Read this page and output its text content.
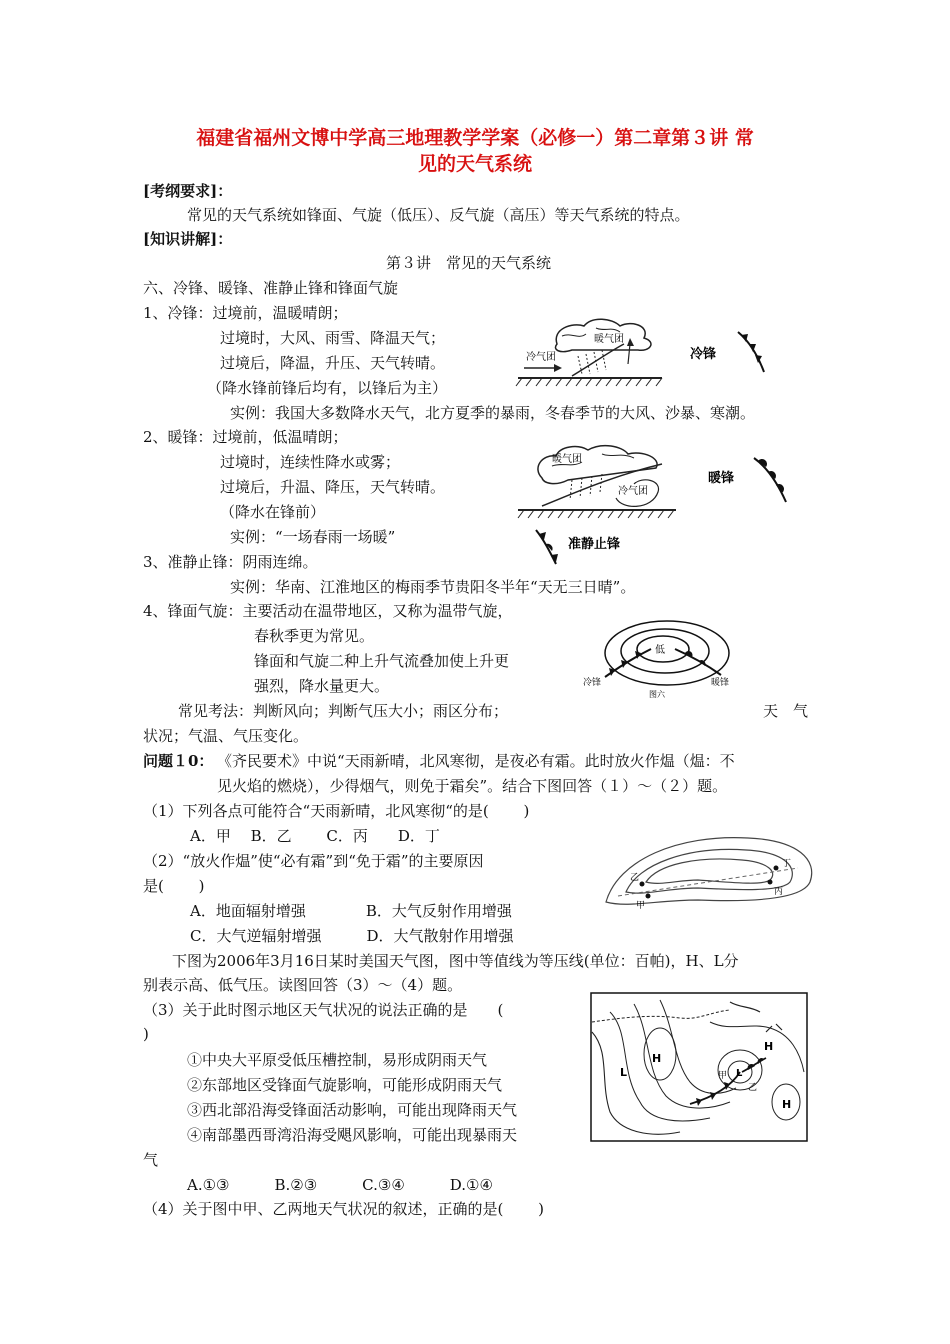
福建省福州文博中学高三地理教学学案（必修一）第二章第３讲 常
见的天气系统
[考纲要求]：
常见的天气系统如锋面、气旋（低压）、反气旋（高压）等天气系统的特点。
[知识讲解]：
第３讲　常见的天气系统
六、冷锋、暖锋、准静止锋和锋面气旋
1、冷锋：过境前，温暖晴朗；
过境时，大风、雨雪、降温天气；
过境后，降温，升压、天气转晴。
（降水锋前锋后均有，以锋后为主）
实例：我国大多数降水天气，北方夏季的暴雨，冬春季节的大风、沙暴、寒潮。
暖气团
冷气团	冷锋
2、暖锋：过境前，低温晴朗；
过境时，连续性降水或雾；
过境后，升温、降压，天气转晴。
（降水在锋前）
实例：“一场春雨一场暖”
暖气团
冷气团
暖锋
准静止锋
3、准静止锋：阴雨连绵。
实例：华南、江淮地区的梅雨季节贵阳冬半年“天无三日晴”。
4、锋面气旋：主要活动在温带地区，又称为温带气旋，
春秋季更为常见。
锋面和气旋二种上升气流叠加使上升更
强烈，降水量更大。
低
冷锋	暖锋
图六
常见考法：判断风向；判断气压大小；雨区分布；	天　气
状况；气温、气压变化。
问题１0： 《齐民要术》中说“天雨新晴，北风寒彻，是夜必有霜。此时放火作煴（煴：不
见火焰的燃烧），少得烟气，则免于霜矣”。结合下图回答（１）～（２）题。
（1）下列各点可能符合“天雨新晴，北风寒彻“的是(　　 )
A．甲　 B．乙　 　C．丙　　D．丁
（2）“放火作煴”使“必有霜”到“免于霜”的主要原因
是(　　 )
A．地面辐射增强　　　　B．大气反射作用增强
C．大气逆辐射增强　　　D．大气散射作用增强
甲
乙
丙
丁
下图为2006年3月16日某时美国天气图，图中等值线为等压线(单位：百帕)，H、L分
别表示高、低气压。读图回答（3）～（4）题。
（3）关于此时图示地区天气状况的说法正确的是　　(
)
①中央大平原受低压槽控制，易形成阴雨天气
②东部地区受锋面气旋影响，可能形成阴雨天气
③西北部沿海受锋面活动影响，可能出现降雨天气
④南部墨西哥湾沿海受飓风影响，可能出现暴雨天
气
A.①③　　　B.②③　　　C.③④　　　D.①④
H
L
H
H
甲
乙
L
（4）关于图中甲、乙两地天气状况的叙述，正确的是(　　 )
